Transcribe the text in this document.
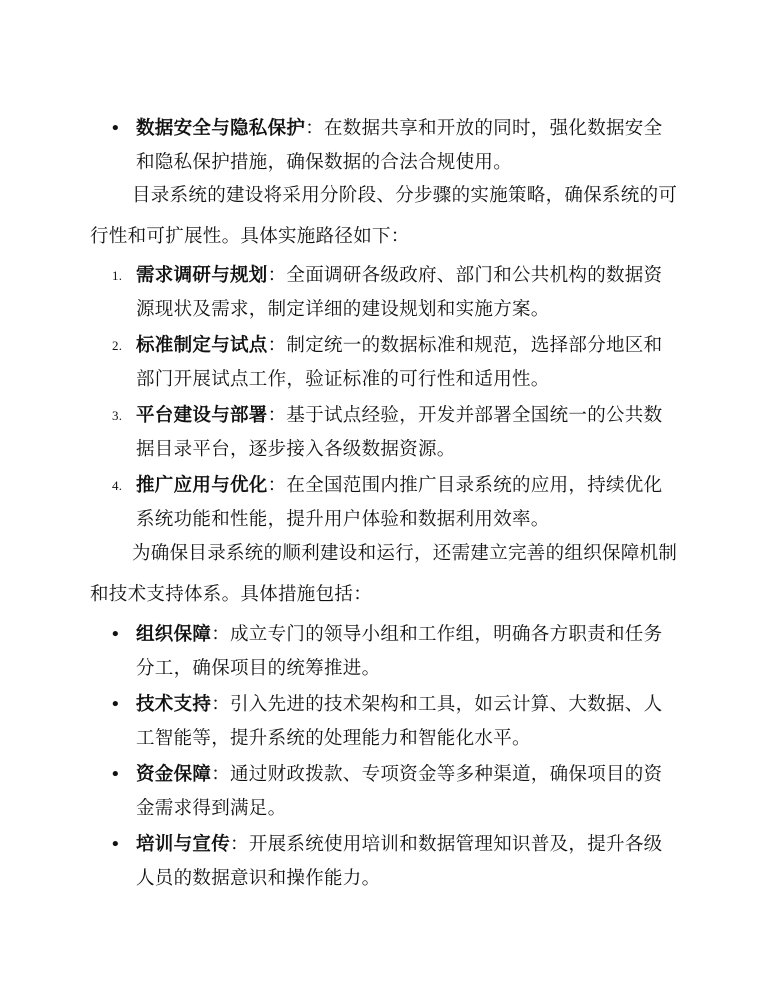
• 数据安全与隐私保护：在数据共享和开放的同时，强化数据安全和隐私保护措施，确保数据的合法合规使用。
目录系统的建设将采用分阶段、分步骤的实施策略，确保系统的可行性和可扩展性。具体实施路径如下：
1. 需求调研与规划：全面调研各级政府、部门和公共机构的数据资源现状及需求，制定详细的建设规划和实施方案。
2. 标准制定与试点：制定统一的数据标准和规范，选择部分地区和部门开展试点工作，验证标准的可行性和适用性。
3. 平台建设与部署：基于试点经验，开发并部署全国统一的公共数据目录平台，逐步接入各级数据资源。
4. 推广应用与优化：在全国范围内推广目录系统的应用，持续优化系统功能和性能，提升用户体验和数据利用效率。
为确保目录系统的顺利建设和运行，还需建立完善的组织保障机制和技术支持体系。具体措施包括：
• 组织保障：成立专门的领导小组和工作组，明确各方职责和任务分工，确保项目的统筹推进。
• 技术支持：引入先进的技术架构和工具，如云计算、大数据、人工智能等，提升系统的处理能力和智能化水平。
• 资金保障：通过财政拨款、专项资金等多种渠道，确保项目的资金需求得到满足。
• 培训与宣传：开展系统使用培训和数据管理知识普及，提升各级人员的数据意识和操作能力。
